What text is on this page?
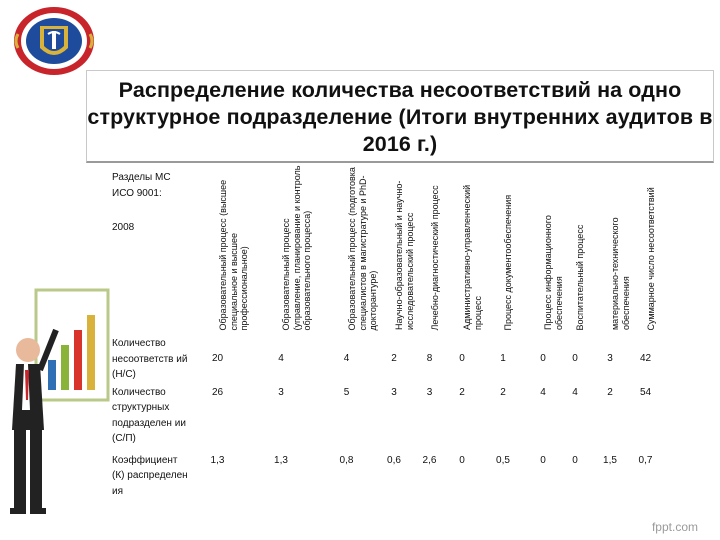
Распределение количества несоответствий на одно структурное подразделение (Итоги внутренних аудитов в 2016 г.)
Разделы МС ИСО 9001:
2008	Образовательный процесс (высшее специальное и высшее профессиональное)	Образовательный процесс (управление, планирование и контроль образовательного процесса)	Образовательный процесс (подготовка специалистов в магистратуре и PhD-докторантуре)	Научно-образовательный и научно-исследовательский процесс	Лечебно-диагностический процесс	Административно-управленческий процесс	Процесс документообеспечения	Процесс информационного обеспечения	Воспитательный процесс	материально-технического обеспечения	Суммарное число несоответствий

Количество несоответств ий (Н/С)	20	4	4	2	8	0	1	0	0	3	42
Количество структурных подразделен ии (С/П)	26	3	5	3	3	2	2	4	4	2	54
Коэффициент (К) распределен ия	1,3	1,3	0,8	0,6	2,6	0	0,5	0	0	1,5	0,7
fppt.com
